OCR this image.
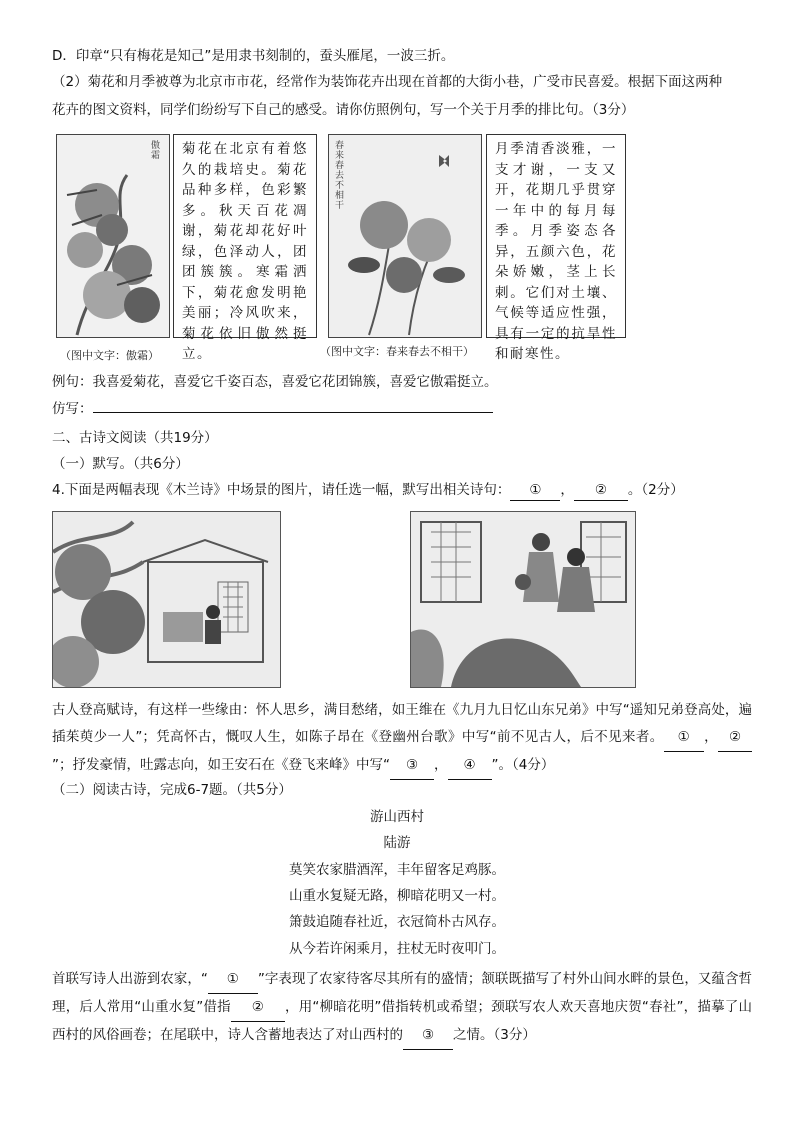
D．印章“只有梅花是知己”是用隶书刻制的，蚕头雁尾，一波三折。
（2）菊花和月季被尊为北京市市花，经常作为装饰花卉出现在首都的大街小巷，广受市民喜爱。根据下面这两种
花卉的图文资料，同学们纷纷写下自己的感受。请你仿照例句，写一个关于月季的排比句。（3分）
傲霜	菊花在北京有着悠久的栽培史。菊花品种多样，色彩繁多。秋天百花凋谢，菊花却花好叶绿，色泽动人，团团簇簇。寒霜洒下，菊花愈发明艳美丽；冷风吹来，菊花依旧傲然挺立。
春来春去不相干
月季清香淡雅，一支才谢，一支又开，花期几乎贯穿一年中的每月每季。月季姿态各异，五颜六色，花朵娇嫩，茎上长刺。它们对土壤、气候等适应性强，具有一定的抗旱性和耐寒性。
（图中文字：傲霜）	（图中文字：春来春去不相干）
例句：我喜爱菊花，喜爱它千姿百态，喜爱它花团锦簇，喜爱它傲霜挺立。
仿写：
二、古诗文阅读（共19分）
（一）默写。（共6分）
4.下面是两幅表现《木兰诗》中场景的图片，请任选一幅，默写出相关诗句： ① ， ② 。（2分）
古人登高赋诗，有这样一些缘由：怀人思乡，满目愁绪，如王维在《九月九日忆山东兄弟》中写“遥知兄弟登高处，遍插茱萸少一人”；凭高怀古，慨叹人生，如陈子昂在《登幽州台歌》中写“前不见古人，后不见来者。 ① ， ②”；抒发豪情，吐露志向，如王安石在《登飞来峰》中写“ ③ ， ④ ”。（4分）
（二）阅读古诗，完成6-7题。（共5分）
游山西村
陆游
莫笑农家腊酒浑，丰年留客足鸡豚。
山重水复疑无路，柳暗花明又一村。
箫鼓追随春社近，衣冠简朴古风存。
从今若许闲乘月，拄杖无时夜叩门。
首联写诗人出游到农家，“ ① ”字表现了农家待客尽其所有的盛情；颔联既描写了村外山间水畔的景色，又蕴含哲理，后人常用“山重水复”借指 ② ，用“柳暗花明”借指转机或希望；颈联写农人欢天喜地庆贺“春社”，描摹了山西村的风俗画卷；在尾联中，诗人含蓄地表达了对山西村的 ③ 之情。（3分）
